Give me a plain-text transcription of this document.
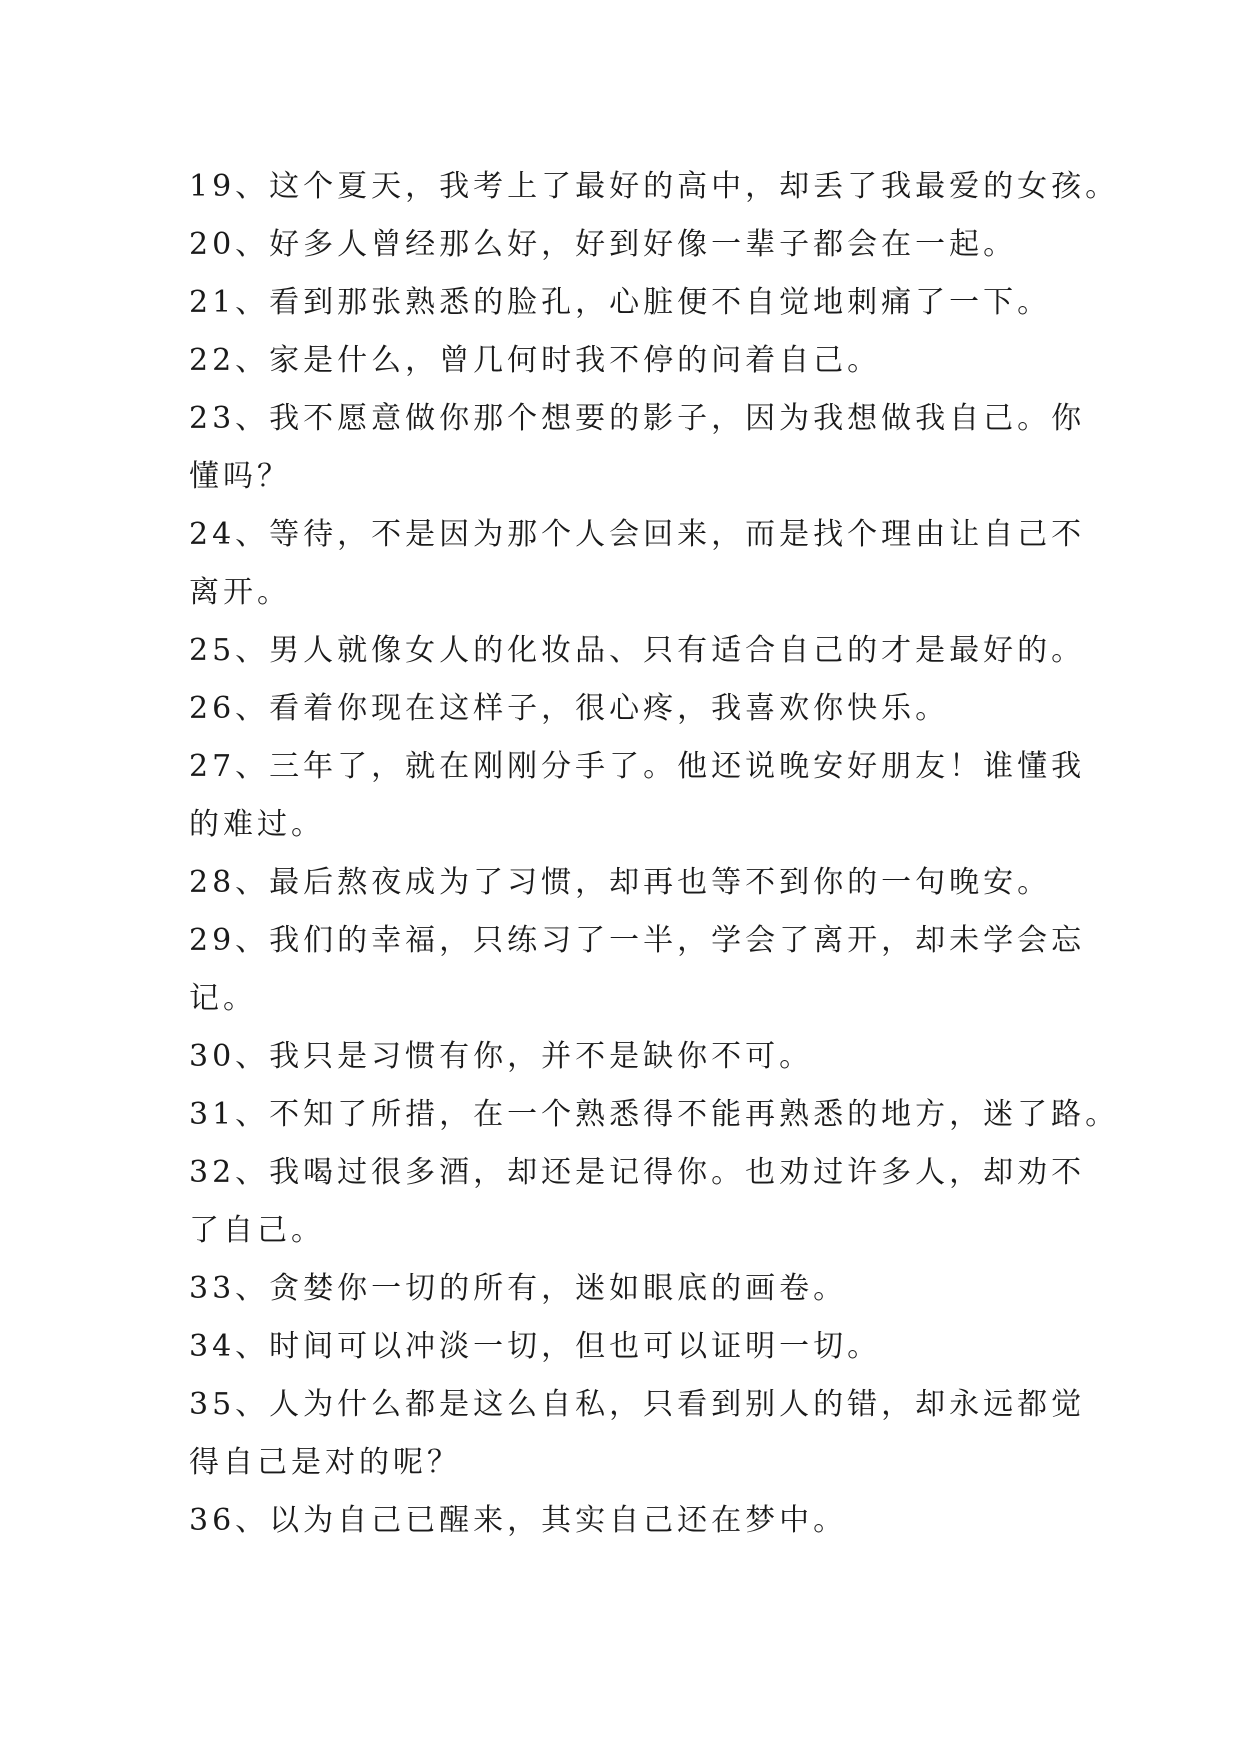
19、这个夏天，我考上了最好的高中，却丢了我最爱的女孩。
20、好多人曾经那么好，好到好像一辈子都会在一起。
21、看到那张熟悉的脸孔，心脏便不自觉地刺痛了一下。
22、家是什么，曾几何时我不停的问着自己。
23、我不愿意做你那个想要的影子，因为我想做我自己。你
懂吗？
24、等待，不是因为那个人会回来，而是找个理由让自己不
离开。
25、男人就像女人的化妆品、只有适合自己的才是最好的。
26、看着你现在这样子，很心疼，我喜欢你快乐。
27、三年了，就在刚刚分手了。他还说晚安好朋友！谁懂我
的难过。
28、最后熬夜成为了习惯，却再也等不到你的一句晚安。
29、我们的幸福，只练习了一半，学会了离开，却未学会忘
记。
30、我只是习惯有你，并不是缺你不可。
31、不知了所措，在一个熟悉得不能再熟悉的地方，迷了路。
32、我喝过很多酒，却还是记得你。也劝过许多人，却劝不
了自己。
33、贪婪你一切的所有，迷如眼底的画卷。
34、时间可以冲淡一切，但也可以证明一切。
35、人为什么都是这么自私，只看到别人的错，却永远都觉
得自己是对的呢？
36、以为自己已醒来，其实自己还在梦中。
